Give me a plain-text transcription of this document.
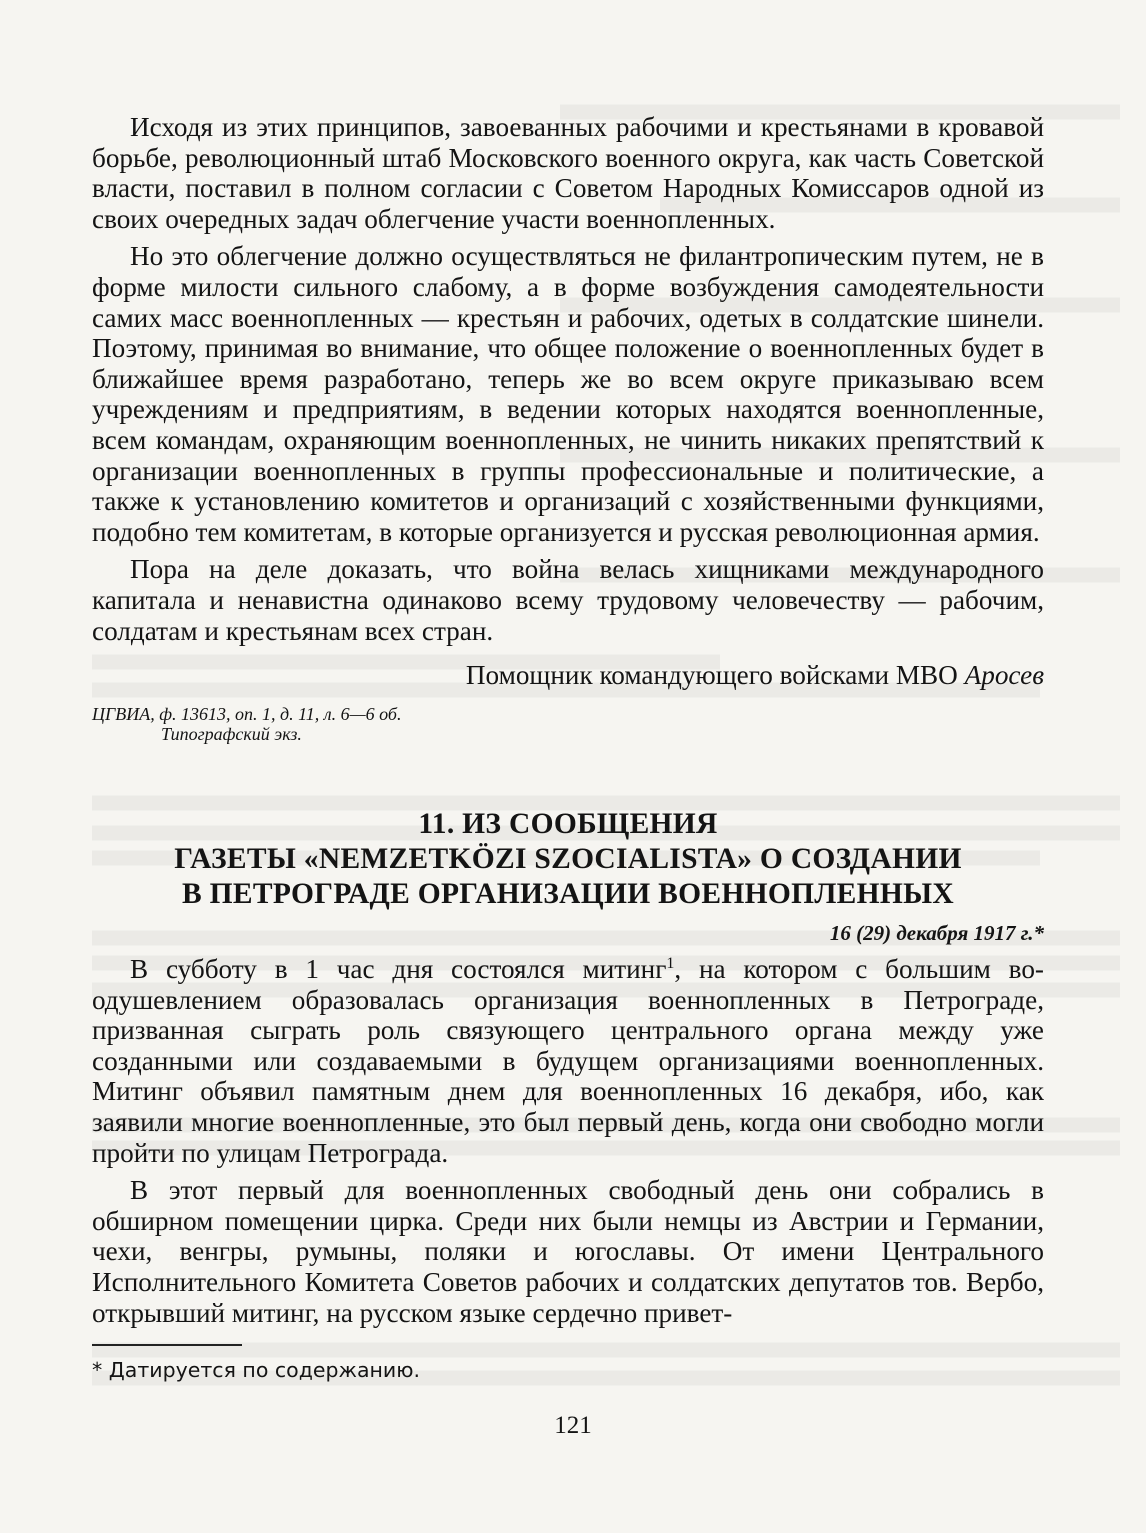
Исходя из этих принципов, завоеванных рабочими и крестьянами в кровавой борьбе, революционный штаб Московского военного округа, как часть Советской власти, поставил в полном согласии с Советом Народных Комиссаров одной из своих очередных задач облегчение участи военнопленных.

Но это облегчение должно осуществляться не филантропическим путем, не в форме милости сильного слабому, а в форме возбуждения самодеятельности самих масс военнопленных — крестьян и рабочих, одетых в солдатские шинели. Поэтому, принимая во внимание, что общее положение о военнопленных будет в ближайшее время разработано, теперь же во всем округе приказываю всем учреждениям и предприятиям, в ведении которых находятся военнопленные, всем командам, охраняющим военнопленных, не чинить никаких препятствий к организации военнопленных в группы профессиональные и политические, а также к установлению комитетов и организаций с хозяйственными функциями, подобно тем комитетам, в которые организуется и русская революционная армия.

Пора на деле доказать, что война велась хищниками международного капитала и ненавистна одинаково всему трудовому человечеству — рабочим, солдатам и крестьянам всех стран.

Помощник командующего войсками МВО Аросев

ЦГВИА, ф. 13613, оп. 1, д. 11, л. 6—6 об.

Типографский экз.

11. ИЗ СООБЩЕНИЯ
ГАЗЕТЫ «NEMZETKÖZI SZOCIALISTA» О СОЗДАНИИ
В ПЕТРОГРАДЕ ОРГАНИЗАЦИИ ВОЕННОПЛЕННЫХ

16 (29) декабря 1917 г.*

В субботу в 1 час дня состоялся митинг$^1$, на котором с большим воодушевлением образовалась организация военнопленных в Петрограде, призванная сыграть роль связующего центрального органа между уже созданными или создаваемыми в будущем организациями военнопленных. Митинг объявил памятным днем для военнопленных 16 декабря, ибо, как заявили многие военнопленные, это был первый день, когда они свободно могли пройти по улицам Петрограда.

В этот первый для военнопленных свободный день они собрались в обширном помещении цирка. Среди них были немцы из Австрии и Германии, чехи, венгры, румыны, поляки и югославы. От имени Центрального Исполнительного Комитета Советов рабочих и солдатских депутатов тов. Вербо, открывший митинг, на русском языке сердечно привет-

* Датируется по содержанию.

121
